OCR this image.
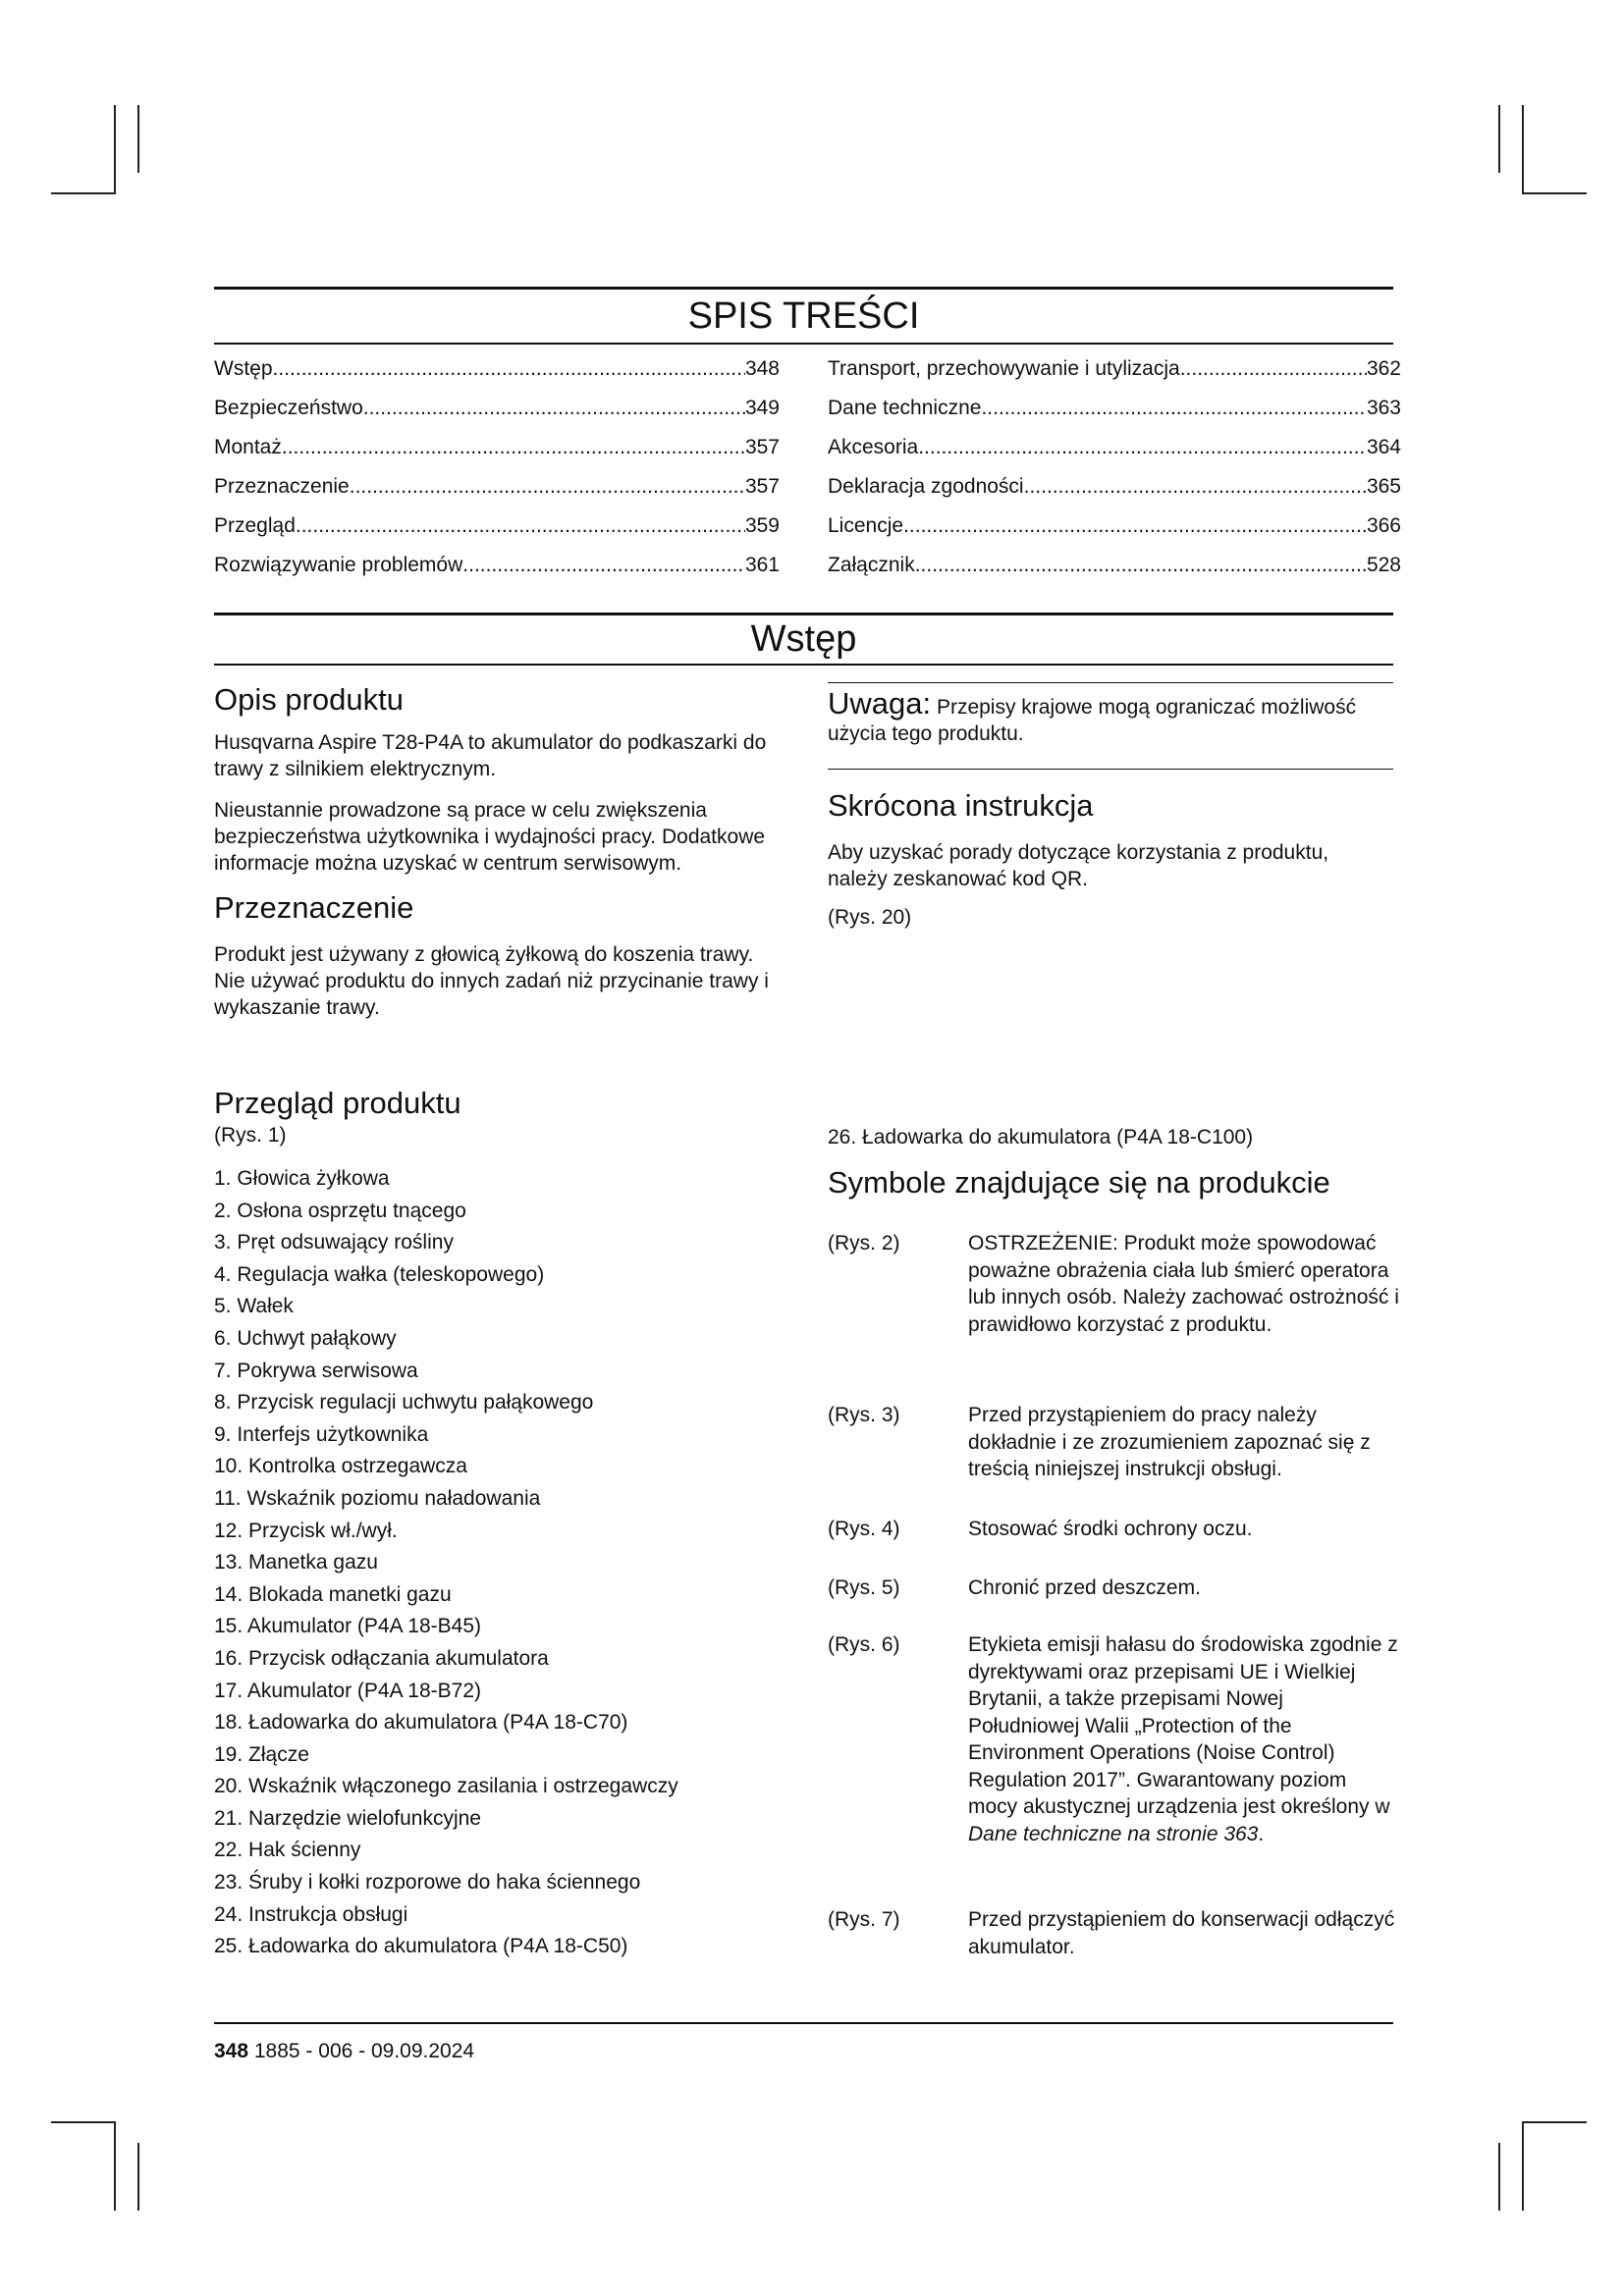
SPIS TREŚCI
Wstęp .....	348
Bezpieczeństwo .....	349
Montaż .....	357
Przeznaczenie .....	357
Przegląd .....	359
Rozwiązywanie problemów .....	361
Transport, przechowywanie i utylizacja .....	362
Dane techniczne .....	363
Akcesoria .....	364
Deklaracja zgodności .....	365
Licencje .....	366
Załącznik .....	528
Wstęp
Opis produktu

Husqvarna Aspire T28-P4A to akumulator do podkaszarki do trawy z silnikiem elektrycznym.

Nieustannie prowadzone są prace w celu zwiększenia bezpieczeństwa użytkownika i wydajności pracy. Dodatkowe informacje można uzyskać w centrum serwisowym.

Przeznaczenie

Produkt jest używany z głowicą żyłkową do koszenia trawy. Nie używać produktu do innych zadań niż przycinanie trawy i wykaszanie trawy.

Uwaga: Przepisy krajowe mogą ograniczać możliwość użycia tego produktu.

Skrócona instrukcja

Aby uzyskać porady dotyczące korzystania z produktu, należy zeskanować kod QR.

(Rys. 20)

Przegląd produktu

(Rys. 1)

1. Głowica żyłkowa
2. Osłona osprzętu tnącego
3. Pręt odsuwający rośliny
4. Regulacja wałka (teleskopowego)
5. Wałek
6. Uchwyt pałąkowy
7. Pokrywa serwisowa
8. Przycisk regulacji uchwytu pałąkowego
9. Interfejs użytkownika
10. Kontrolka ostrzegawcza
11. Wskaźnik poziomu naładowania
12. Przycisk wł./wył.
13. Manetka gazu
14. Blokada manetki gazu
15. Akumulator (P4A 18-B45)
16. Przycisk odłączania akumulatora
17. Akumulator (P4A 18-B72)
18. Ładowarka do akumulatora (P4A 18-C70)
19. Złącze
20. Wskaźnik włączonego zasilania i ostrzegawczy
21. Narzędzie wielofunkcyjne
22. Hak ścienny
23. Śruby i kołki rozporowe do haka ściennego
24. Instrukcja obsługi
25. Ładowarka do akumulatora (P4A 18-C50)
26. Ładowarka do akumulatora (P4A 18-C100)
Symbole znajdujące się na produkcie
(Rys. 2)	OSTRZEŻENIE: Produkt może spowodować poważne obrażenia ciała lub śmierć operatora lub innych osób. Należy zachować ostrożność i prawidłowo korzystać z produktu.
(Rys. 3)	Przed przystąpieniem do pracy należy dokładnie i ze zrozumieniem zapoznać się z treścią niniejszej instrukcji obsługi.
(Rys. 4)	Stosować środki ochrony oczu.
(Rys. 5)	Chronić przed deszczem.
(Rys. 6)	Etykieta emisji hałasu do środowiska zgodnie z dyrektywami oraz przepisami UE i Wielkiej Brytanii, a także przepisami Nowej Południowej Walii „Protection of the Environment Operations (Noise Control) Regulation 2017”. Gwarantowany poziom mocy akustycznej urządzenia jest określony w Dane techniczne na stronie 363.
(Rys. 7)	Przed przystąpieniem do konserwacji odłączyć akumulator.
348 1885 - 006 - 09.09.2024
